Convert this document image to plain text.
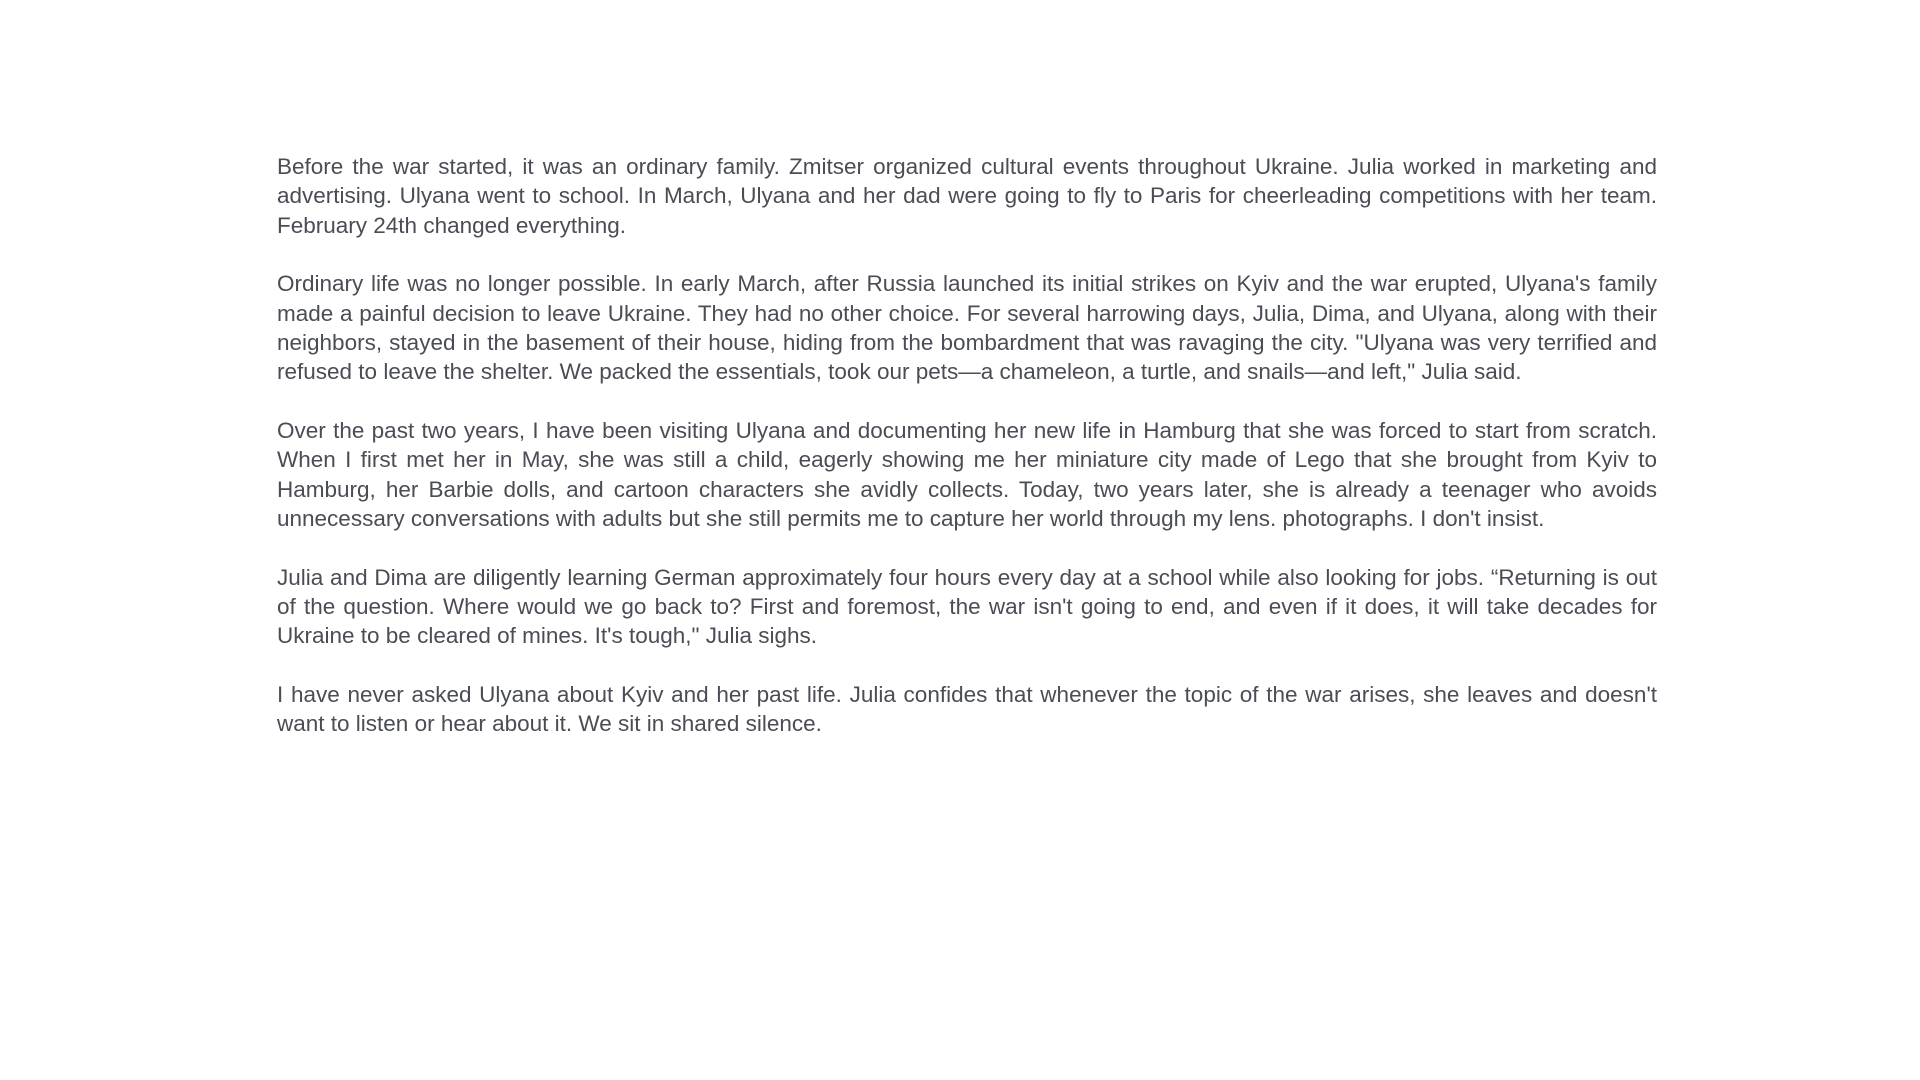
Before the war started, it was an ordinary family. Zmitser organized cultural events throughout Ukraine. Julia worked in marketing and advertising. Ulyana went to school. In March, Ulyana and her dad were going to fly to Paris for cheerleading competitions with her team. February 24th changed everything.

Ordinary life was no longer possible. In early March, after Russia launched its initial strikes on Kyiv and the war erupted, Ulyana's family made a painful decision to leave Ukraine. They had no other choice. For several harrowing days, Julia, Dima, and Ulyana, along with their neighbors, stayed in the basement of their house, hiding from the bombardment that was ravaging the city. "Ulyana was very terrified and refused to leave the shelter. We packed the essentials, took our pets—a chameleon, a turtle, and snails—and left," Julia said.

Over the past two years, I have been visiting Ulyana and documenting her new life in Hamburg that she was forced to start from scratch. When I first met her in May, she was still a child, eagerly showing me her miniature city made of Lego that she brought from Kyiv to Hamburg, her Barbie dolls, and cartoon characters she avidly collects. Today, two years later, she is already a teenager who avoids unnecessary conversations with adults but she still permits me to capture her world through my lens. photographs. I don't insist.

Julia and Dima are diligently learning German approximately four hours every day at a school while also looking for jobs. “Returning is out of the question. Where would we go back to? First and foremost, the war isn't going to end, and even if it does, it will take decades for Ukraine to be cleared of mines. It's tough," Julia sighs.

I have never asked Ulyana about Kyiv and her past life. Julia confides that whenever the topic of the war arises, she leaves and doesn't want to listen or hear about it. We sit in shared silence.
